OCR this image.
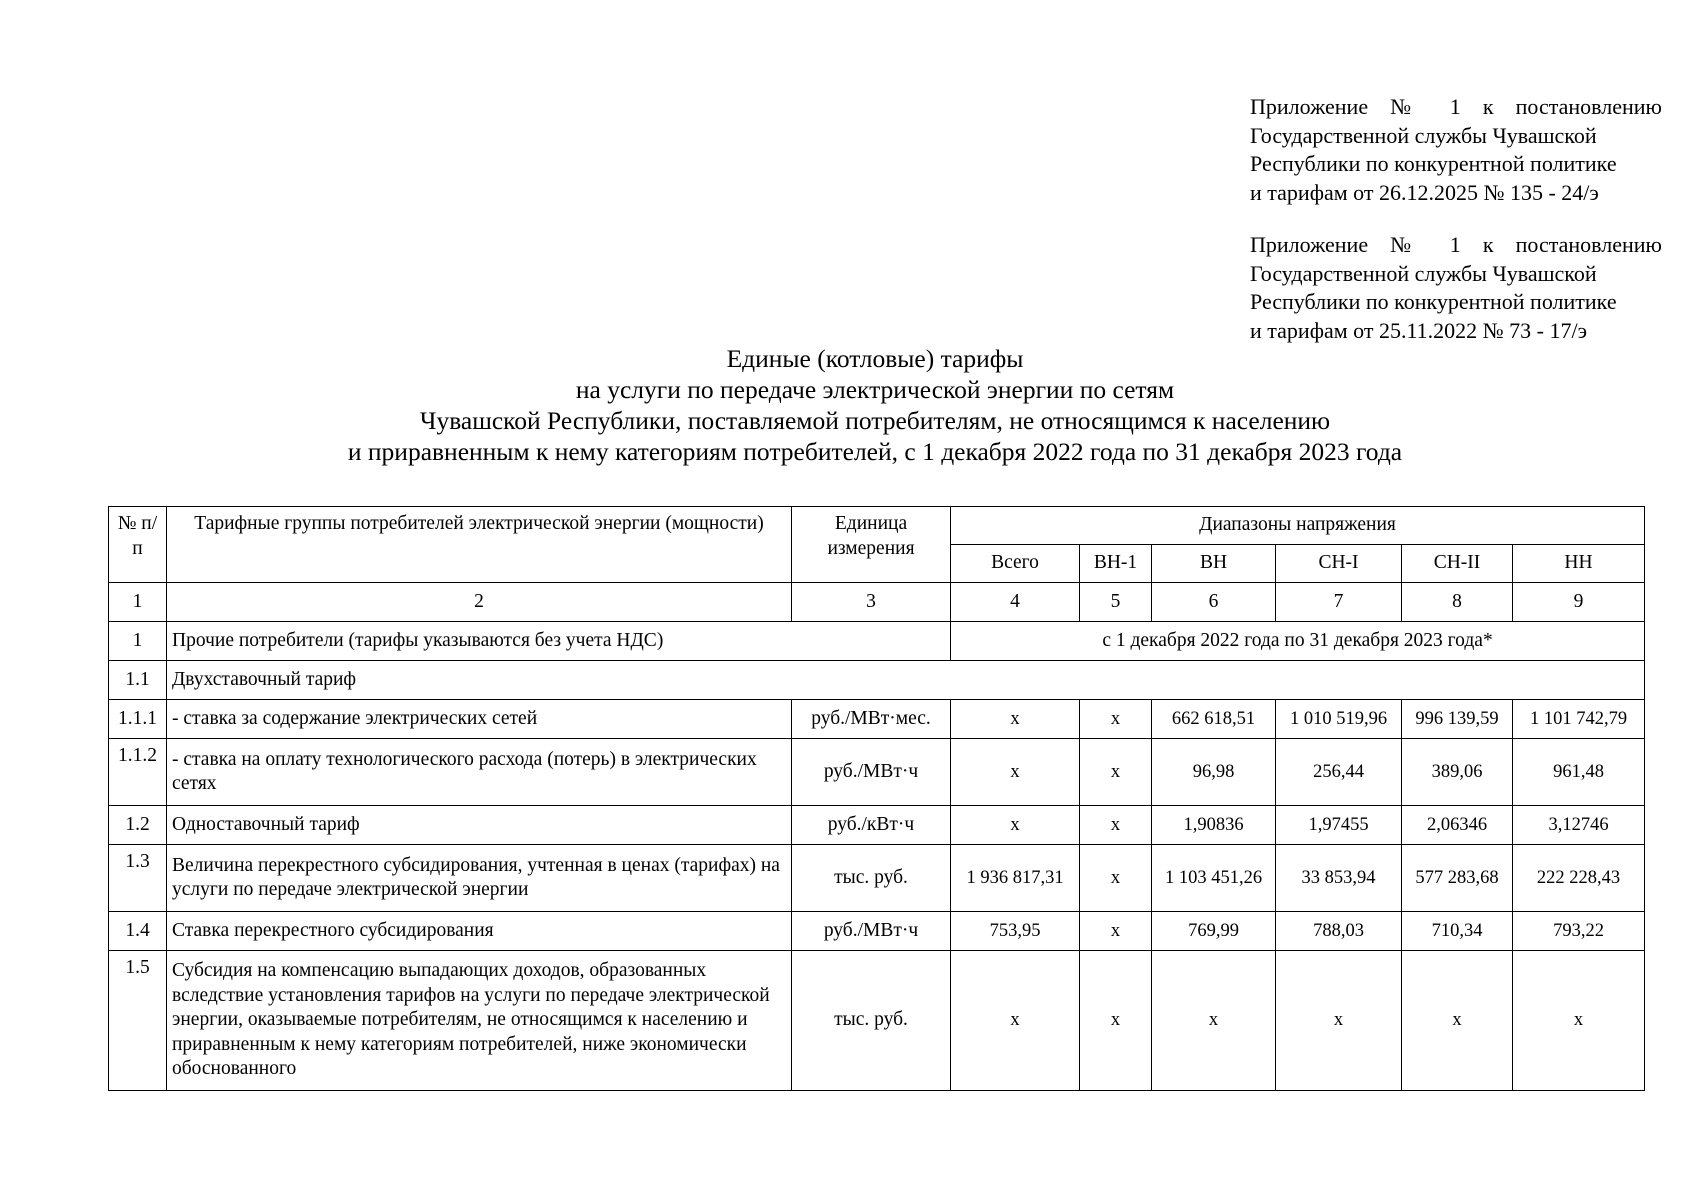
Приложение № 1 к постановлению
Государственной службы Чувашской
Республики по конкурентной политике
и тарифам от 26.12.2025 № 135 - 24/э
Приложение № 1 к постановлению
Государственной службы Чувашской
Республики по конкурентной политике
и тарифам от 25.11.2022 № 73 - 17/э
Единые (котловые) тарифы
на услуги по передаче электрической энергии по сетям
Чувашской Республики, поставляемой потребителям, не относящимся к населению
и приравненным к нему категориям потребителей, с 1 декабря 2022 года по 31 декабря 2023 года
№ п/п	Тарифные группы потребителей электрической энергии (мощности)	Единица измерения	Диапазоны напряжения					
			Всего	ВН-1	ВН	СН-I	СН-II	НН
1	2	3	4	5	6	7	8	9
1	Прочие потребители (тарифы указываются без учета НДС)		с 1 декабря 2022 года по 31 декабря 2023 года*					
1.1	Двухставочный тариф							
1.1.1	- ставка за содержание электрических сетей	руб./МВт·мес.	х	х	662 618,51	1 010 519,96	996 139,59	1 101 742,79
1.1.2	- ставка на оплату технологического расхода (потерь) в электрических сетях	руб./МВт·ч	х	х	96,98	256,44	389,06	961,48
1.2	Одноставочный тариф	руб./кВт·ч	х	х	1,90836	1,97455	2,06346	3,12746
1.3	Величина перекрестного субсидирования, учтенная в ценах (тарифах) на услуги по передаче электрической энергии	тыс. руб.	1 936 817,31	х	1 103 451,26	33 853,94	577 283,68	222 228,43
1.4	Ставка перекрестного субсидирования	руб./МВт·ч	753,95	х	769,99	788,03	710,34	793,22
1.5	Субсидия на компенсацию выпадающих доходов, образованных вследствие установления тарифов на услуги по передаче электрической энергии, оказываемые потребителям, не относящимся к населению и приравненным к нему категориям потребителей, ниже экономически обоснованного	тыс. руб.	х	х	х	х	х	х
